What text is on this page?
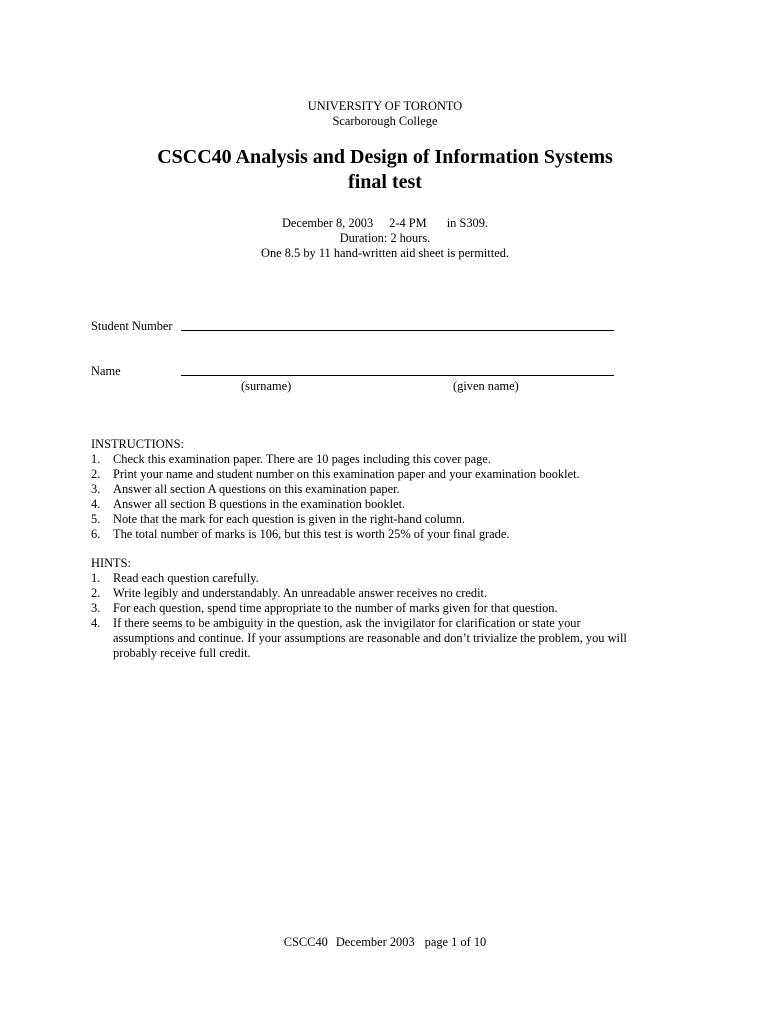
UNIVERSITY OF TORONTO
Scarborough College
CSCC40 Analysis and Design of Information Systems
final test
December 8, 2003 2-4 PM in S309.
Duration: 2 hours.
One 8.5 by 11 hand-written aid sheet is permitted.
Student Number
Name
(surname)	(given name)
INSTRUCTIONS:
1. Check this examination paper. There are 10 pages including this cover page.
2. Print your name and student number on this examination paper and your examination booklet.
3. Answer all section A questions on this examination paper.
4. Answer all section B questions in the examination booklet.
5. Note that the mark for each question is given in the right-hand column.
6. The total number of marks is 106, but this test is worth 25% of your final grade.
HINTS:
1. Read each question carefully.
2. Write legibly and understandably. An unreadable answer receives no credit.
3. For each question, spend time appropriate to the number of marks given for that question.
4. If there seems to be ambiguity in the question, ask the invigilator for clarification or state your assumptions and continue. If your assumptions are reasonable and don’t trivialize the problem, you will probably receive full credit.
CSCC40 December 2003 page 1 of 10
